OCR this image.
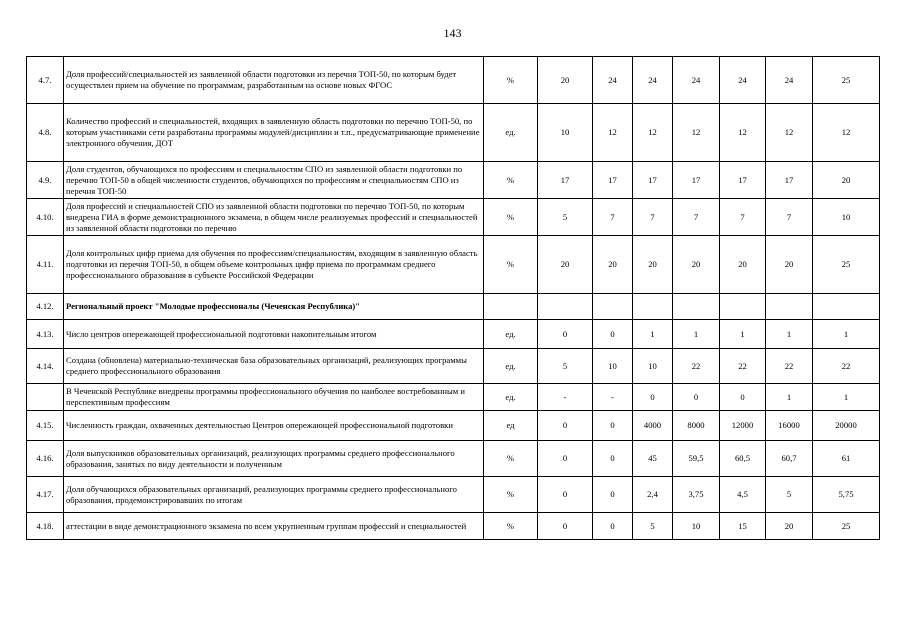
143
4.7.	Доля профессий/специальностей из заявленной области подготовки из перечня ТОП-50, по которым будет осуществлен прием на обучение по программам, разработанным на основе новых ФГОС	%	20	24	24	24	24	24	25
4.8.	Количество профессий и специальностей, входящих в заявленную область подготовки по перечню ТОП-50, по которым участниками сети разработаны программы модулей/дисциплин и т.п., предусматривающие применение электронного обучения, ДОТ	ед.	10	12	12	12	12	12	12
4.9.	Доля студентов, обучающихся по профессиям и специальностям СПО из заявленной области подготовки по перечню ТОП-50 в общей численности студентов, обучающихся по профессиям и специальностям СПО из перечня ТОП-50	%	17	17	17	17	17	17	20
4.10.	Доля профессий и специальностей СПО из заявленной области подготовки по перечню ТОП-50, по которым внедрена ГИА в форме демонстрационного экзамена, в общем числе реализуемых профессий и специальностей из заявленной области подготовки по перечню	%	5	7	7	7	7	7	10
4.11.	Доля контрольных цифр приема для обучения по профессиям/специальностям, входящим в заявленную область подготовки из перечня ТОП-50, в общем объеме контрольных цифр приема по программам среднего профессионального образования в субъекте Российской Федерации	%	20	20	20	20	20	20	25
4.12.	Региональный проект "Молодые профессионалы (Чеченская Республика)"								
4.13.	Число центров опережающей профессиональной подготовки накопительным итогом	ед.	0	0	1	1	1	1	1
4.14.	Создана (обновлена) материально-техническая база образовательных организаций, реализующих программы среднего профессионального образования	ед.	5	10	10	22	22	22	22
	В Чеченской Республике внедрены программы профессионального обучения по наиболее востребованным и перспективным профессиям	ед.	-	-	0	0	0	1	1
4.15.	Численность граждан, охваченных деятельностью Центров опережающей профессиональной подготовки	ед	0	0	4000	8000	12000	16000	20000
4.16.	Доля выпускников образовательных организаций, реализующих программы среднего профессионального образования, занятых по виду деятельности и полученным	%	0	0	45	59,5	60,5	60,7	61
4.17.	Доля обучающихся образовательных организаций, реализующих программы среднего профессионального образования, продемонстрировавших по итогам	%	0	0	2,4	3,75	4,5	5	5,75
4.18.	аттестации в виде демонстрационного экзамена по всем укрупненным группам профессий и специальностей	%	0	0	5	10	15	20	25
